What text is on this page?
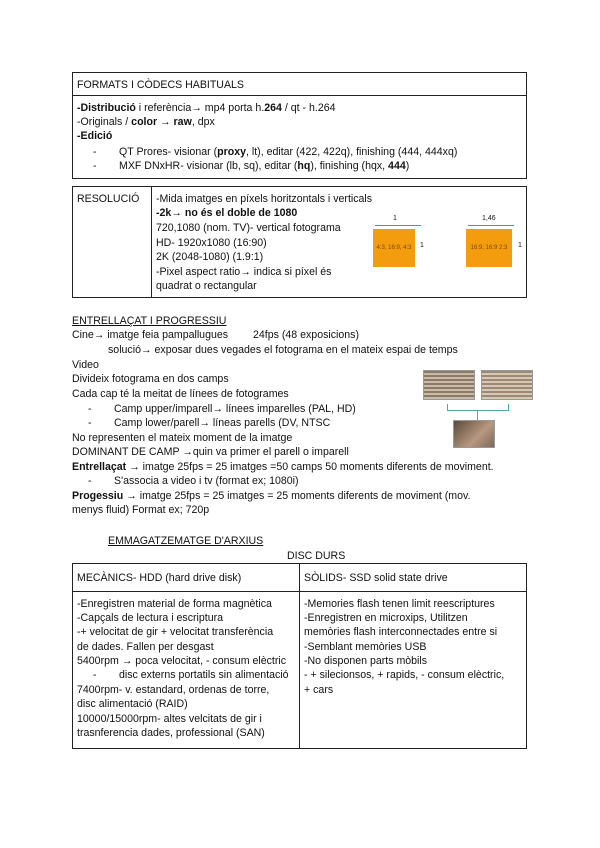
FORMATS I CÒDECS HABITUALS
-Distribució i referència→ mp4 porta h.264 / qt - h.264
-Originals / color → raw, dpx
-Edició
- QT Prores- visionar (proxy, lt), editar (422, 422q), finishing (444, 444xq)
- MXF DNxHR- visionar (lb, sq), editar (hq), finishing (hqx, 444)
RESOLUCIÓ -Mida imatges en píxels horitzontals i verticals
-2k→ no és el doble de 1080
720,1080 (nom. TV)- vertical fotograma
HD- 1920x1080 (16:90)
2K (2048-1080) (1.9:1)
-Pixel aspect ratio→ indica si píxel és
quadrat o rectangular
1
4:3, 16:9, 4:3	1
1,46
16:9, 16:9 2:3	1
ENTRELLAÇAT I PROGRESSIU
Cine→ imatge feia pampallugues 24fps (48 exposicions)
solució→ exposar dues vegades el fotograma en el mateix espai de temps
Video
Divideix fotograma en dos camps
Cada cap té la meitat de línees de fotogrames
- Camp upper/imparell→ línees imparelles (PAL, HD)
- Camp lower/parell→ líneas parells (DV, NTSC
No representen el mateix moment de la imatge
DOMINANT DE CAMP →quin va primer el parell o imparell
Entrellaçat → imatge 25fps = 25 imatges =50 camps 50 moments diferents de moviment.
- S'associa a video i tv (format ex; 1080i)
Progessiu → imatge 25fps = 25 imatges = 25 moments diferents de moviment (mov.
menys fluid) Format ex; 720p
EMMAGATZEMATGE D'ARXIUS
DISC DURS
MECÀNICS- HDD (hard drive disk)	SÒLIDS- SSD solid state drive
-Enregistren material de forma magnètica
-Capçals de lectura i escriptura
-+ velocitat de gir + velocitat transferència
de dades. Fallen per desgast
5400rpm → poca velocitat, - consum elèctric
- disc externs portatils sin alimentació
7400rpm- v. estandard, ordenas de torre,
disc alimentació (RAID)
10000/15000rpm- altes velcitats de gir i
trasnferencia dades, professional (SAN)
-Memories flash tenen limit reescriptures
-Enregistren en microxips, Utilitzen
memòries flash interconnectades entre si
-Semblant memòries USB
-No disponen parts mòbils
- + silecionsos, + rapids, - consum elèctric,
+ cars
